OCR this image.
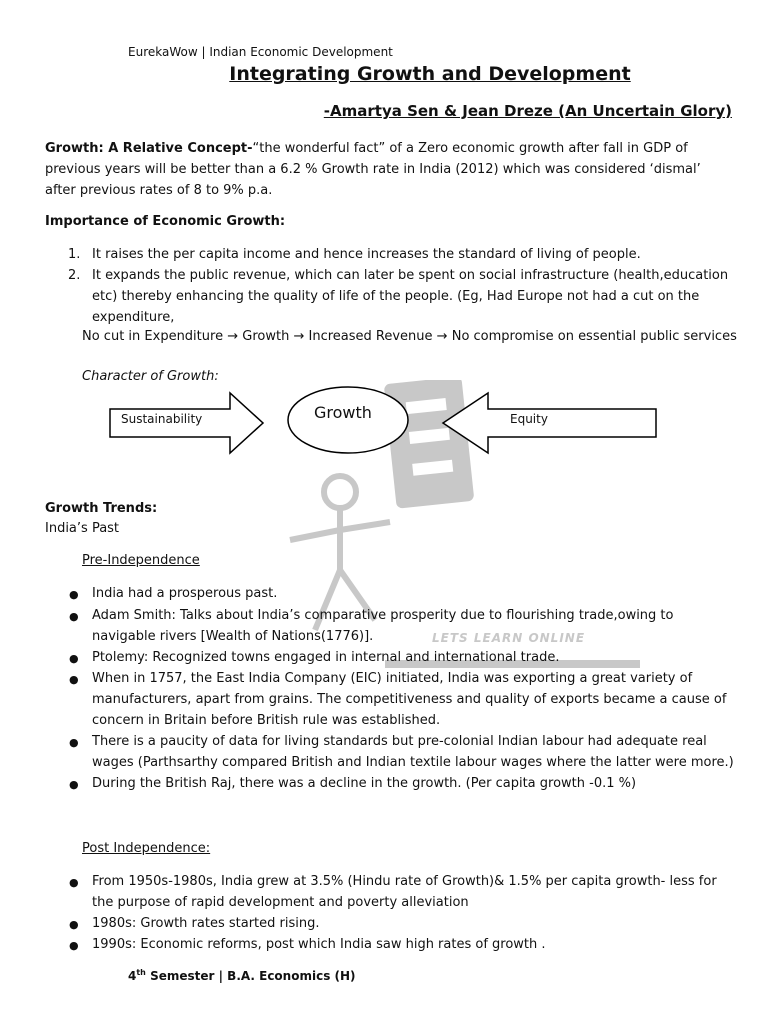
EurekaWow | Indian Economic Development
Integrating Growth and Development
-Amartya Sen & Jean Dreze (An Uncertain Glory)
Growth: A Relative Concept-“the wonderful fact” of a Zero economic growth after fall in GDP of previous years will be better than a 6.2 % Growth rate in India (2012) which was considered ‘dismal’ after previous rates of 8 to 9% p.a.
Importance of Economic Growth:
1. It raises the per capita income and hence increases the standard of living of people.
2. It expands the public revenue, which can later be spent on social infrastructure (health,education etc) thereby enhancing the quality of life of the people. (Eg, Had Europe not had a cut on the expenditure,
No cut in Expenditure → Growth → Increased Revenue → No compromise on essential public services
LETS LEARN ONLINE
Character of Growth:
Growth
Sustainability	Equity
Growth Trends:
India’s Past
Pre-Independence
● India had a prosperous past.
● Adam Smith: Talks about India’s comparative prosperity due to flourishing trade,owing to navigable rivers [Wealth of Nations(1776)].
● Ptolemy: Recognized towns engaged in internal and international trade.
● When in 1757, the East India Company (EIC) initiated, India was exporting a great variety of manufacturers, apart from grains. The competitiveness and quality of exports became a cause of concern in Britain before British rule was established.
● There is a paucity of data for living standards but pre-colonial Indian labour had adequate real wages (Parthsarthy compared British and Indian textile labour wages where the latter were more.)
● During the British Raj, there was a decline in the growth. (Per capita growth -0.1 %)
Post Independence:
● From 1950s-1980s, India grew at 3.5% (Hindu rate of Growth)& 1.5% per capita growth- less for the purpose of rapid development and poverty alleviation
● 1980s: Growth rates started rising.
● 1990s: Economic reforms, post which India saw high rates of growth .
4th Semester | B.A. Economics (H)
